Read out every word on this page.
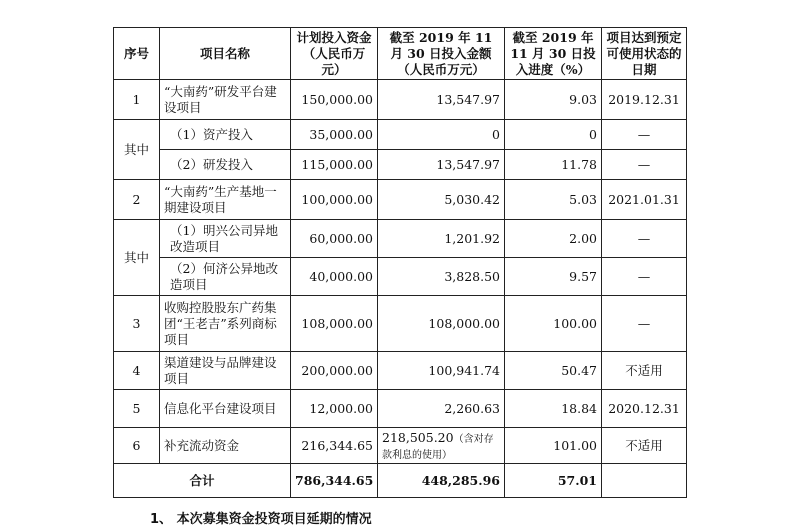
序号	项目名称	计划投入资金（人民币万元）	截至 2019 年 11 月 30 日投入金额（人民币万元）	截至 2019 年 11 月 30 日投入进度（%）	项目达到预定可使用状态的日期
1	“大南药”研发平台建设项目	150,000.00	13,547.97	9.03	2019.12.31
其中	（1）资产投入	35,000.00	0	0	—
	（2）研发投入	115,000.00	13,547.97	11.78	—
2	“大南药”生产基地一期建设项目	100,000.00	5,030.42	5.03	2021.01.31
其中	（1）明兴公司异地改造项目	60,000.00	1,201.92	2.00	—
	（2）何济公异地改造项目	40,000.00	3,828.50	9.57	—
3	收购控股股东广药集团“王老吉”系列商标项目	108,000.00	108,000.00	100.00	—
4	渠道建设与品牌建设项目	200,000.00	100,941.74	50.47	不适用
5	信息化平台建设项目	12,000.00	2,260.63	18.84	2020.12.31
6	补充流动资金	216,344.65	218,505.20（含对存款利息的使用）	101.00	不适用
合计		786,344.65	448,285.96	57.01	
1、 本次募集资金投资项目延期的情况
